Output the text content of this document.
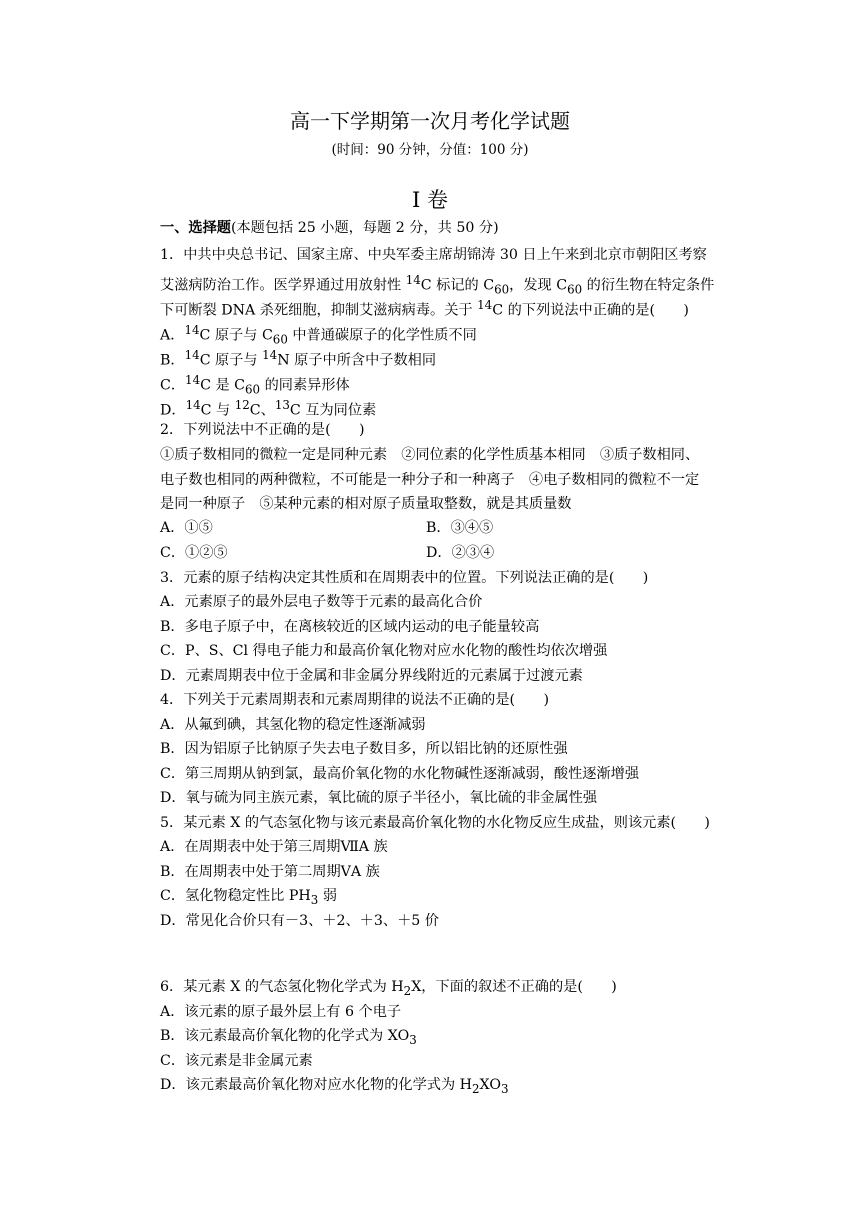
高一下学期第一次月考化学试题
(时间：90 分钟，分值：100 分)
I 卷
一、选择题(本题包括 25 小题，每题 2 分，共 50 分)
1．中共中央总书记、国家主席、中央军委主席胡锦涛 30 日上午来到北京市朝阳区考察
艾滋病防治工作。医学界通过用放射性 $^{14}$C 标记的 $C_{60}$，发现 $C_{60}$ 的衍生物在特定条件
下可断裂 DNA 杀死细胞，抑制艾滋病病毒。关于 $^{14}$C 的下列说法中正确的是(　　)
A．$^{14}$C 原子与 $C_{60}$ 中普通碳原子的化学性质不同
B．$^{14}$C 原子与 $^{14}$N 原子中所含中子数相同
C．$^{14}$C 是 $C_{60}$ 的同素异形体
D．$^{14}$C 与 $^{12}$C、$^{13}$C 互为同位素
2．下列说法中不正确的是(　　)
①质子数相同的微粒一定是同种元素　②同位素的化学性质基本相同　③质子数相同、
电子数也相同的两种微粒，不可能是一种分子和一种离子　④电子数相同的微粒不一定
是同一种原子　⑤某种元素的相对原子质量取整数，就是其质量数
A．①⑤	B．③④⑤
C．①②⑤	D．②③④
3．元素的原子结构决定其性质和在周期表中的位置。下列说法正确的是(　　)
A．元素原子的最外层电子数等于元素的最高化合价
B．多电子原子中，在离核较近的区域内运动的电子能量较高
C．P、S、Cl 得电子能力和最高价氧化物对应水化物的酸性均依次增强
D．元素周期表中位于金属和非金属分界线附近的元素属于过渡元素
4．下列关于元素周期表和元素周期律的说法不正确的是(　　)
A．从氟到碘，其氢化物的稳定性逐渐减弱
B．因为铝原子比钠原子失去电子数目多，所以铝比钠的还原性强
C．第三周期从钠到氯，最高价氧化物的水化物碱性逐渐减弱，酸性逐渐增强
D．氧与硫为同主族元素，氧比硫的原子半径小，氧比硫的非金属性强
5．某元素 X 的气态氢化物与该元素最高价氧化物的水化物反应生成盐，则该元素(　　)
A．在周期表中处于第三周期ⅦA 族
B．在周期表中处于第二周期ⅤA 族
C．氢化物稳定性比 $PH_3$ 弱
D．常见化合价只有－3、＋2、＋3、＋5 价
6．某元素 X 的气态氢化物化学式为 $H_2X$，下面的叙述不正确的是(　　)
A．该元素的原子最外层上有 6 个电子
B．该元素最高价氧化物的化学式为 $XO_3$
C．该元素是非金属元素
D．该元素最高价氧化物对应水化物的化学式为 $H_2XO_3$
